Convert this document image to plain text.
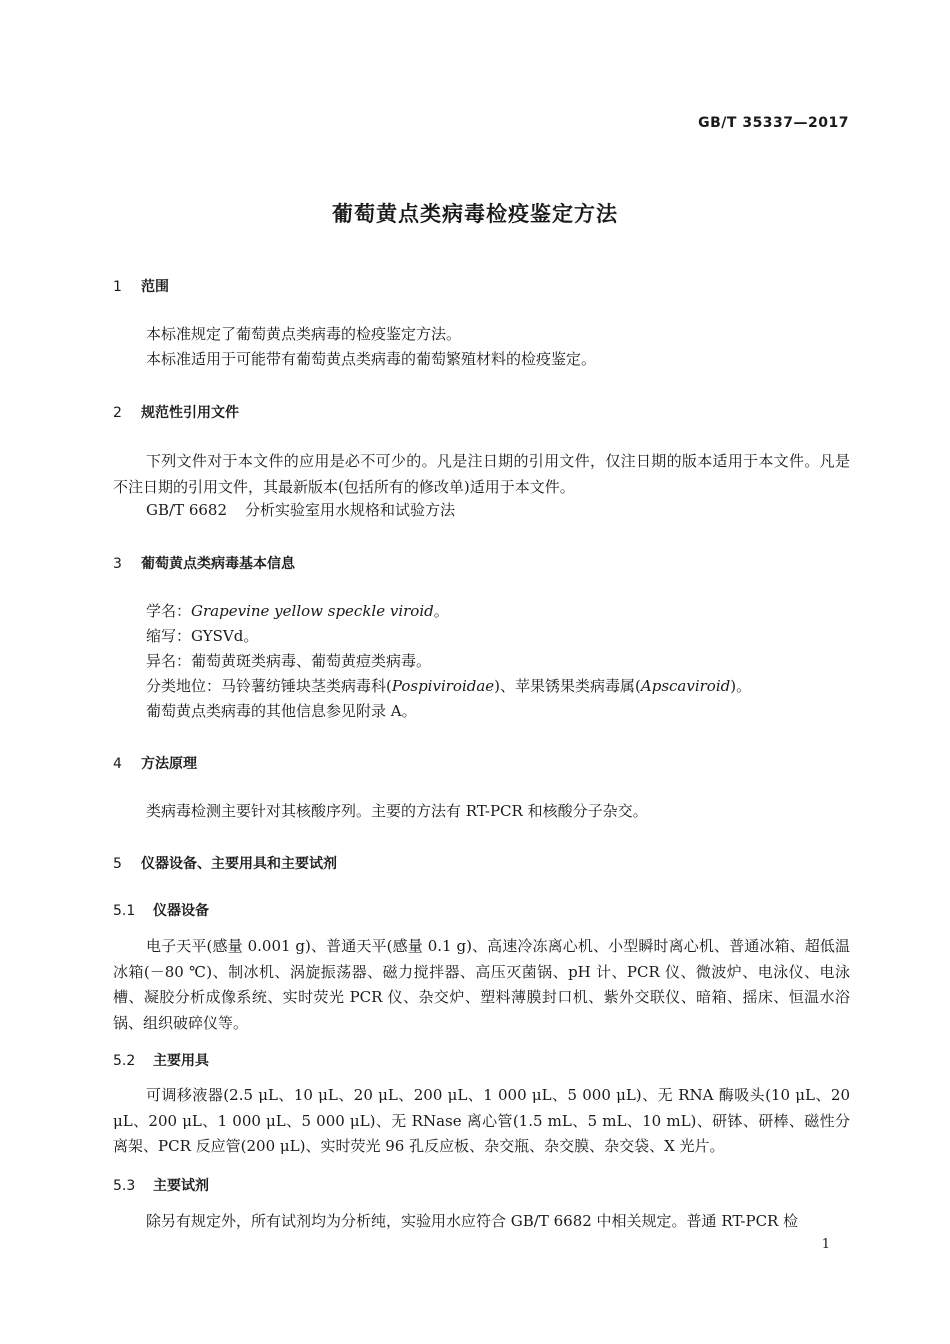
GB/T 35337—2017
葡萄黄点类病毒检疫鉴定方法
1 范围
本标准规定了葡萄黄点类病毒的检疫鉴定方法。
本标准适用于可能带有葡萄黄点类病毒的葡萄繁殖材料的检疫鉴定。
2 规范性引用文件
下列文件对于本文件的应用是必不可少的。凡是注日期的引用文件，仅注日期的版本适用于本文件。凡是不注日期的引用文件，其最新版本(包括所有的修改单)适用于本文件。
GB/T 6682 分析实验室用水规格和试验方法
3 葡萄黄点类病毒基本信息
学名：Grapevine yellow speckle viroid。
缩写：GYSVd。
异名：葡萄黄斑类病毒、葡萄黄痘类病毒。
分类地位：马铃薯纺锤块茎类病毒科(Pospiviroidae)、苹果锈果类病毒属(Apscaviroid)。
葡萄黄点类病毒的其他信息参见附录 A。
4 方法原理
类病毒检测主要针对其核酸序列。主要的方法有 RT-PCR 和核酸分子杂交。
5 仪器设备、主要用具和主要试剂
5.1 仪器设备
电子天平(感量 0.001 g)、普通天平(感量 0.1 g)、高速冷冻离心机、小型瞬时离心机、普通冰箱、超低温冰箱(－80 ℃)、制冰机、涡旋振荡器、磁力搅拌器、高压灭菌锅、pH 计、PCR 仪、微波炉、电泳仪、电泳槽、凝胶分析成像系统、实时荧光 PCR 仪、杂交炉、塑料薄膜封口机、紫外交联仪、暗箱、摇床、恒温水浴锅、组织破碎仪等。
5.2 主要用具
可调移液器(2.5 μL、10 μL、20 μL、200 μL、1 000 μL、5 000 μL)、无 RNA 酶吸头(10 μL、20 μL、200 μL、1 000 μL、5 000 μL)、无 RNase 离心管(1.5 mL、5 mL、10 mL)、研钵、研棒、磁性分离架、PCR 反应管(200 μL)、实时荧光 96 孔反应板、杂交瓶、杂交膜、杂交袋、X 光片。
5.3 主要试剂
除另有规定外，所有试剂均为分析纯，实验用水应符合 GB/T 6682 中相关规定。普通 RT-PCR 检
1
